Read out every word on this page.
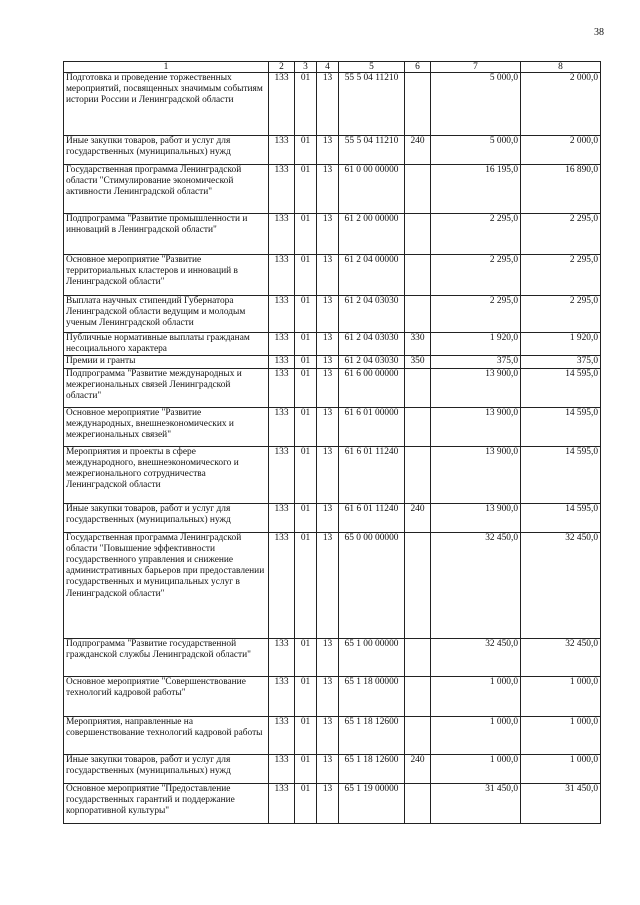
38
1	2	3	4	5	6	7	8
Подготовка и проведение торжественных мероприятий, посвященных значимым событиям истории России и Ленинградской области	133	01	13	55 5 04 11210		5 000,0	2 000,0
Иные закупки товаров, работ и услуг для государственных (муниципальных) нужд	133	01	13	55 5 04 11210	240	5 000,0	2 000,0
Государственная программа Ленинградской области "Стимулирование экономической активности Ленинградской области"	133	01	13	61 0 00 00000		16 195,0	16 890,0
Подпрограмма "Развитие промышленности и инноваций в Ленинградской области"	133	01	13	61 2 00 00000		2 295,0	2 295,0
Основное мероприятие "Развитие территориальных кластеров и инноваций в Ленинградской области"	133	01	13	61 2 04 00000		2 295,0	2 295,0
Выплата научных стипендий Губернатора Ленинградской области ведущим и молодым ученым Ленинградской области	133	01	13	61 2 04 03030		2 295,0	2 295,0
Публичные нормативные выплаты гражданам несоциального характера	133	01	13	61 2 04 03030	330	1 920,0	1 920,0
Премии и гранты	133	01	13	61 2 04 03030	350	375,0	375,0
Подпрограмма "Развитие международных и межрегиональных связей Ленинградской области"	133	01	13	61 6 00 00000		13 900,0	14 595,0
Основное мероприятие "Развитие международных, внешнеэкономических и межрегиональных связей"	133	01	13	61 6 01 00000		13 900,0	14 595,0
Мероприятия и проекты в сфере международного, внешнеэкономического и межрегионального сотрудничества Ленинградской области	133	01	13	61 6 01 11240		13 900,0	14 595,0
Иные закупки товаров, работ и услуг для государственных (муниципальных) нужд	133	01	13	61 6 01 11240	240	13 900,0	14 595,0
Государственная программа Ленинградской области "Повышение эффективности государственного управления и снижение административных барьеров при предоставлении государственных и муниципальных услуг в Ленинградской области"	133	01	13	65 0 00 00000		32 450,0	32 450,0
Подпрограмма "Развитие государственной гражданской службы Ленинградской области"	133	01	13	65 1 00 00000		32 450,0	32 450,0
Основное мероприятие "Совершенствование технологий кадровой работы"	133	01	13	65 1 18 00000		1 000,0	1 000,0
Мероприятия, направленные на совершенствование технологий кадровой работы	133	01	13	65 1 18 12600		1 000,0	1 000,0
Иные закупки товаров, работ и услуг для государственных (муниципальных) нужд	133	01	13	65 1 18 12600	240	1 000,0	1 000,0
Основное мероприятие "Предоставление государственных гарантий и поддержание корпоративной культуры"	133	01	13	65 1 19 00000		31 450,0	31 450,0
